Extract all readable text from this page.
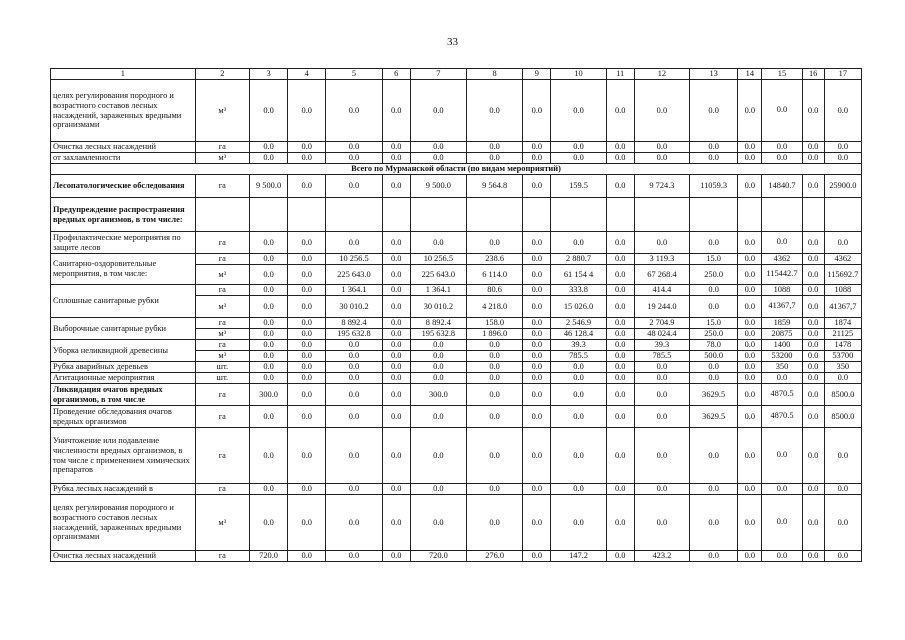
33
1	2	3	4	5	6	7	8	9	10	11	12	13	14	15	16	17
целях регулирования породного и возрастного составов лесных насаждений, зараженных вредными организмами	м³	0.0	0.0	0.0	0.0	0.0	0.0	0.0	0.0	0.0	0.0	0.0	0.0	0.0	0.0	0.0
Очистка лесных насаждений	га	0.0	0.0	0.0	0.0	0.0	0.0	0.0	0.0	0.0	0.0	0.0	0.0	0.0	0.0	0.0
от захламленности	м³	0.0	0.0	0.0	0.0	0.0	0.0	0.0	0.0	0.0	0.0	0.0	0.0	0.0	0.0	0.0
Всего по Мурманской области (по видам мероприятий)																
Лесопатологические обследования	га	9 500.0	0.0	0.0	0.0	9 500.0	9 564.8	0.0	159.5	0.0	9 724.3	11059.3	0.0	14840.7	0.0	25900.0
Предупреждение распространения вредных организмов, в том числе:																
Профилактические мероприятия по защите лесов	га	0.0	0.0	0.0	0.0	0.0	0.0	0.0	0.0	0.0	0.0	0.0	0.0	0.0	0.0	0.0
Санитарно-оздоровительные мероприятия, в том числе:	га	0.0	0.0	10 256.5	0.0	10 256.5	238.6	0.0	2 880.7	0.0	3 119.3	15.0	0.0	4362	0.0	4362
	м³	0.0	0.0	225 643.0	0.0	225 643.0	6 114.0	0.0	61 154 4	0.0	67 268.4	250.0	0.0	115442.7	0.0	115692.7
Сплошные санитарные рубки	га	0.0	0.0	1 364.1	0.0	1 364.1	80.6	0.0	333.8	0.0	414.4	0.0	0.0	1088	0.0	1088
	м³	0.0	0.0	30 010.2	0.0	30 010.2	4 218.0	0.0	15 026.0	0.0	19 244.0	0.0	0.0	41367,7	0.0	41367,7
Выборочные санитарные рубки	га	0.0	0.0	8 892.4	0.0	8 892.4	158.0	0.0	2 546.9	0.0	2 704.9	15.0	0.0	1859	0.0	1874
	м³	0.0	0.0	195 632.8	0.0	195 632.8	1 896.0	0.0	46 128.4	0.0	48 024.4	250.0	0.0	20875	0.0	21125
Уборка неликвидной древесины	га	0.0	0.0	0.0	0.0	0.0	0.0	0.0	39.3	0.0	39.3	78.0	0.0	1400	0.0	1478
	м³	0.0	0.0	0.0	0.0	0.0	0.0	0.0	785.5	0.0	785.5	500.0	0.0	53200	0.0	53700
Рубка аварийных деревьев	шт.	0.0	0.0	0.0	0.0	0.0	0.0	0.0	0.0	0.0	0.0	0.0	0.0	350	0.0	350
Агитационные мероприятия	шт.	0.0	0.0	0.0	0.0	0.0	0.0	0.0	0.0	0.0	0.0	0.0	0.0	0.0	0.0	0.0
Ликвидация очагов вредных организмов, в том числе	га	300.0	0.0	0.0	0.0	300.0	0.0	0.0	0.0	0.0	0.0	3629.5	0.0	4870.5	0.0	8500.0
Проведение обследования очагов вредных организмов	га	0.0	0.0	0.0	0.0	0.0	0.0	0.0	0.0	0.0	0.0	3629.5	0.0	4870.5	0.0	8500.0
Уничтожение или подавление численности вредных организмов, в том числе с применением химических препаратов	га	0.0	0.0	0.0	0.0	0.0	0.0	0.0	0.0	0.0	0.0	0.0	0.0	0.0	0.0	0.0
Рубка лесных насаждений в	га	0.0	0.0	0.0	0.0	0.0	0.0	0.0	0.0	0.0	0.0	0.0	0.0	0.0	0.0	0.0
целях регулирования породного и возрастного составов лесных насаждений, зараженных вредными организмами	м³	0.0	0.0	0.0	0.0	0.0	0.0	0.0	0.0	0.0	0.0	0.0	0.0	0.0	0.0	0.0
Очистка лесных насаждений	га	720.0	0.0	0.0	0.0	720.0	276.0	0.0	147.2	0.0	423.2	0.0	0.0	0.0	0.0	0.0
